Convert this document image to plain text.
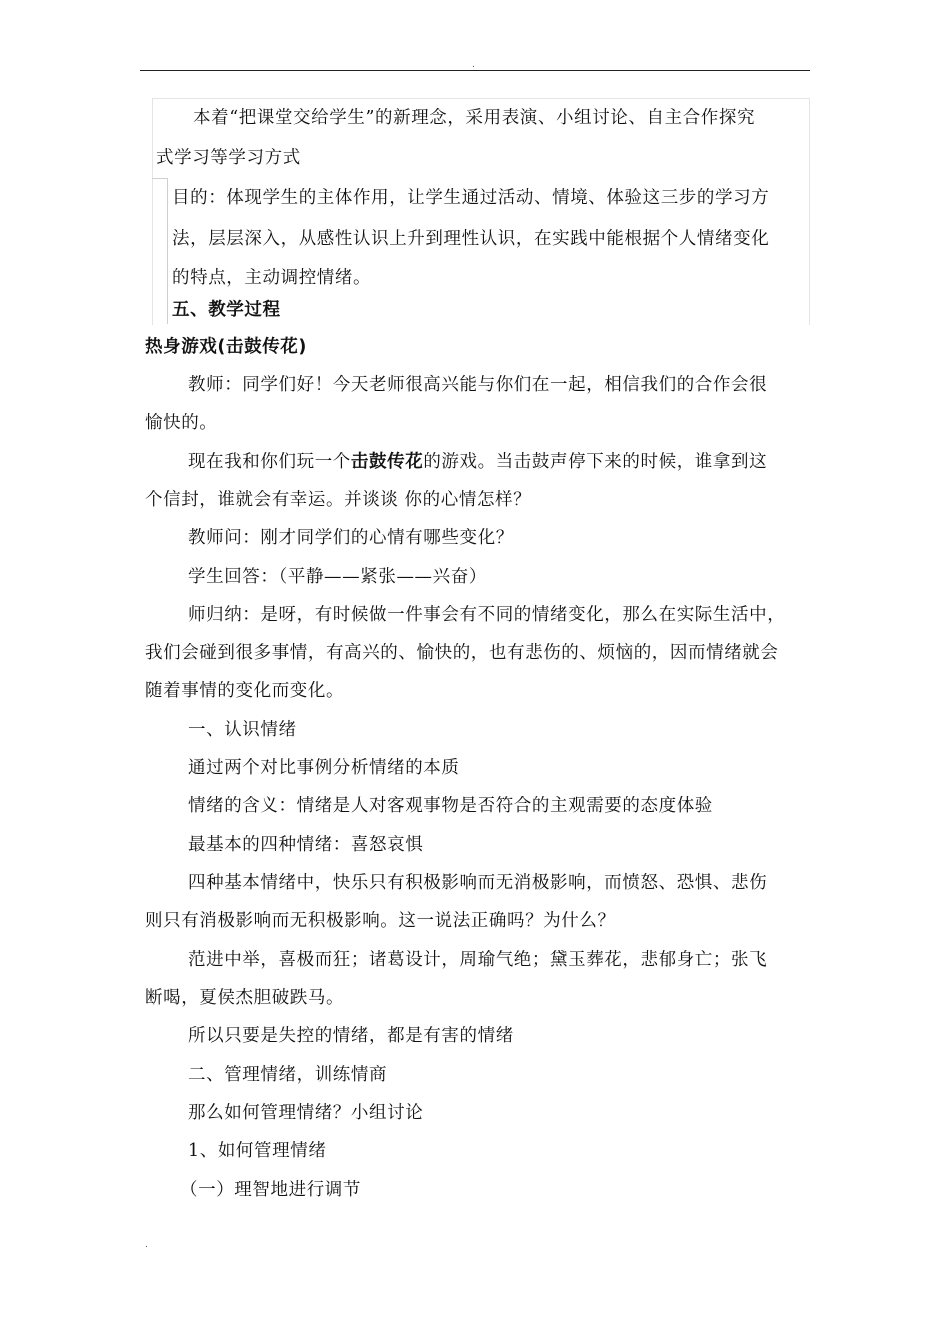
.
本着“把课堂交给学生”的新理念，采用表演、小组讨论、自主合作探究
式学习等学习方式
目的：体现学生的主体作用，让学生通过活动、情境、体验这三步的学习方
法，层层深入，从感性认识上升到理性认识，在实践中能根据个人情绪变化
的特点，主动调控情绪。
五、教学过程
热身游戏(击鼓传花)
教师：同学们好！今天老师很高兴能与你们在一起，相信我们的合作会很
愉快的。
现在我和你们玩一个击鼓传花的游戏。当击鼓声停下来的时候，谁拿到这
个信封，谁就会有幸运。并谈谈 你的心情怎样？
教师问：刚才同学们的心情有哪些变化？
学生回答：（平静——紧张——兴奋）
师归纳：是呀，有时候做一件事会有不同的情绪变化，那么在实际生活中，
我们会碰到很多事情，有高兴的、愉快的，也有悲伤的、烦恼的，因而情绪就会
随着事情的变化而变化。
一、认识情绪
通过两个对比事例分析情绪的本质
情绪的含义：情绪是人对客观事物是否符合的主观需要的态度体验
最基本的四种情绪：喜怒哀惧
四种基本情绪中，快乐只有积极影响而无消极影响，而愤怒、恐惧、悲伤
则只有消极影响而无积极影响。这一说法正确吗？为什么？
范进中举，喜极而狂；诸葛设计，周瑜气绝；黛玉葬花，悲郁身亡；张飞
断喝，夏侯杰胆破跌马。
所以只要是失控的情绪，都是有害的情绪
二、管理情绪，训练情商
那么如何管理情绪？小组讨论
1、如何管理情绪
（一）理智地进行调节
.
